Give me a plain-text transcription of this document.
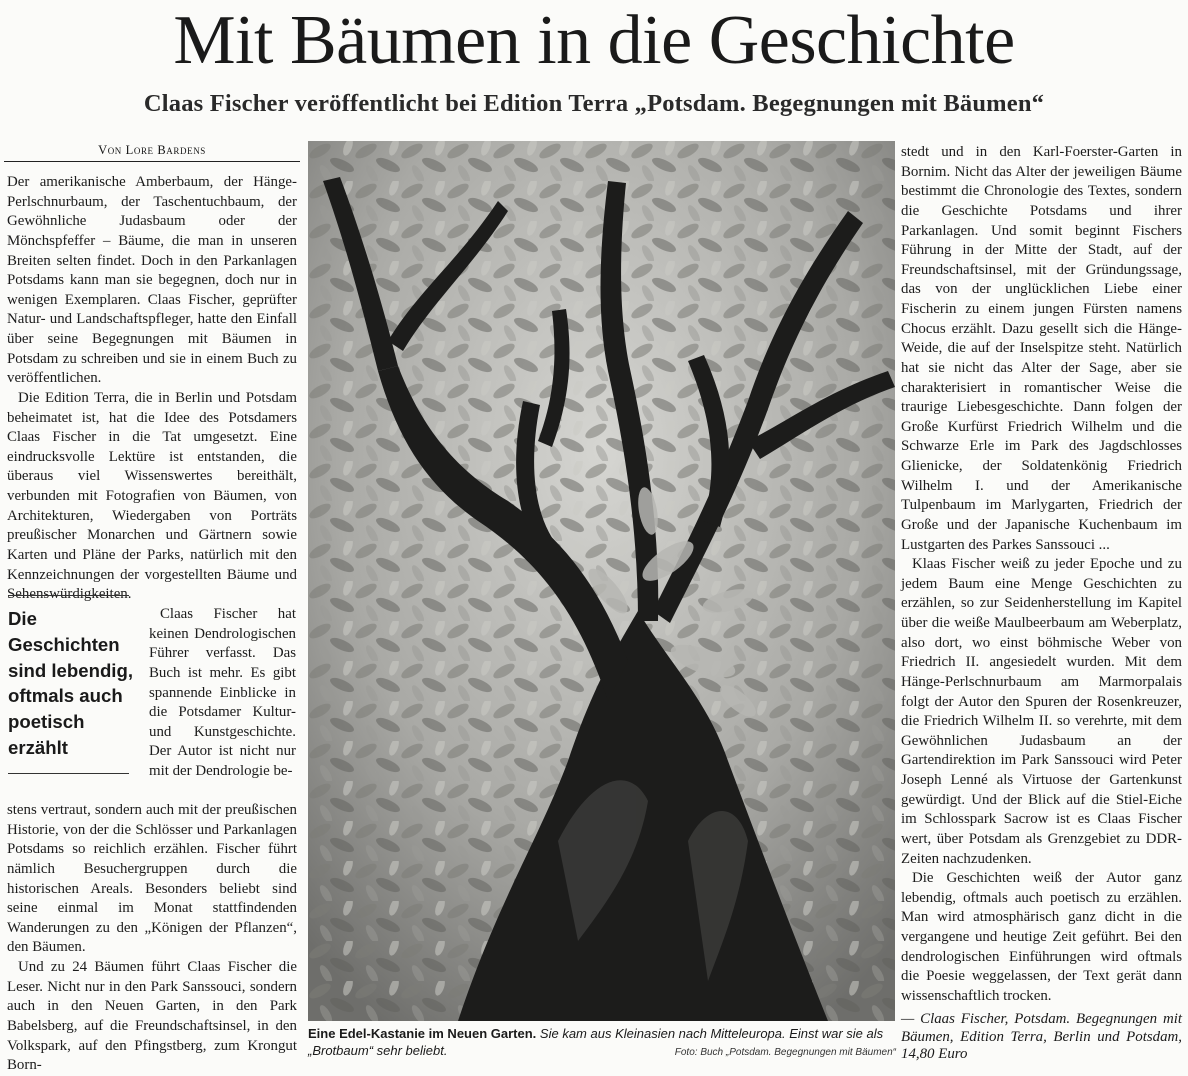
Mit Bäumen in die Geschichte
Claas Fischer veröffentlicht bei Edition Terra „Potsdam. Begegnungen mit Bäumen“
Von Lore Bardens

Der amerikanische Amberbaum, der Hänge-Perlschnurbaum, der Taschentuchbaum, der Gewöhnliche Judasbaum oder der Mönchspfeffer – Bäume, die man in unseren Breiten selten findet. Doch in den Parkanlagen Potsdams kann man sie begegnen, doch nur in wenigen Exemplaren. Claas Fischer, geprüfter Natur- und Landschaftspfleger, hatte den Einfall über seine Begegnungen mit Bäumen in Potsdam zu schreiben und sie in einem Buch zu veröffentlichen.

Die Edition Terra, die in Berlin und Potsdam beheimatet ist, hat die Idee des Potsdamers Claas Fischer in die Tat umgesetzt. Eine eindrucksvolle Lektüre ist entstanden, die überaus viel Wissenswertes bereithält, verbunden mit Fotografien von Bäumen, von Architekturen, Wiedergaben von Porträts preußischer Monarchen und Gärtnern sowie Karten und Pläne der Parks, natürlich mit den Kennzeichnungen der vorgestellten Bäume und Sehenswürdigkeiten.

Die Geschichten sind lebendig, oftmals auch poetisch erzählt

Claas Fischer hat keinen Dendrologischen Führer verfasst. Das Buch ist mehr. Es gibt spannende Einblicke in die Potsdamer Kultur- und Kunstgeschichte. Der Autor ist nicht nur mit der Dendrologie be-

stens vertraut, sondern auch mit der preußischen Historie, von der die Schlösser und Parkanlagen Potsdams so reichlich erzählen. Fischer führt nämlich Besuchergruppen durch die historischen Areals. Besonders beliebt sind seine einmal im Monat stattfindenden Wanderungen zu den „Königen der Pflanzen“, den Bäumen.

Und zu 24 Bäumen führt Claas Fischer die Leser. Nicht nur in den Park Sanssouci, sondern auch in den Neuen Garten, in den Park Babelsberg, auf die Freundschaftsinsel, in den Volkspark, auf den Pfingstberg, zum Krongut Born-

Eine Edel-Kastanie im Neuen Garten. Sie kam aus Kleinasien nach Mitteleuropa. Einst war sie als „Brotbaum“ sehr beliebt.	Foto: Buch „Potsdam. Begegnungen mit Bäumen“

stedt und in den Karl-Foerster-Garten in Bornim. Nicht das Alter der jeweiligen Bäume bestimmt die Chronologie des Textes, sondern die Geschichte Potsdams und ihrer Parkanlagen. Und somit beginnt Fischers Führung in der Mitte der Stadt, auf der Freundschaftsinsel, mit der Gründungssage, das von der unglücklichen Liebe einer Fischerin zu einem jungen Fürsten namens Chocus erzählt. Dazu gesellt sich die Hänge-Weide, die auf der Inselspitze steht. Natürlich hat sie nicht das Alter der Sage, aber sie charakterisiert in romantischer Weise die traurige Liebesgeschichte. Dann folgen der Große Kurfürst Friedrich Wilhelm und die Schwarze Erle im Park des Jagdschlosses Glienicke, der Soldatenkönig Friedrich Wilhelm I. und der Amerikanische Tulpenbaum im Marlygarten, Friedrich der Große und der Japanische Kuchenbaum im Lustgarten des Parkes Sanssouci ...

Klaas Fischer weiß zu jeder Epoche und zu jedem Baum eine Menge Geschichten zu erzählen, so zur Seidenherstellung im Kapitel über die weiße Maulbeerbaum am Weberplatz, also dort, wo einst böhmische Weber von Friedrich II. angesiedelt wurden. Mit dem Hänge-Perlschnurbaum am Marmorpalais folgt der Autor den Spuren der Rosenkreuzer, die Friedrich Wilhelm II. so verehrte, mit dem Gewöhnlichen Judasbaum an der Gartendirektion im Park Sanssouci wird Peter Joseph Lenné als Virtuose der Gartenkunst gewürdigt. Und der Blick auf die Stiel-Eiche im Schlosspark Sacrow ist es Claas Fischer wert, über Potsdam als Grenzgebiet zu DDR-Zeiten nachzudenken.

Die Geschichten weiß der Autor ganz lebendig, oftmals auch poetisch zu erzählen. Man wird atmosphärisch ganz dicht in die vergangene und heutige Zeit geführt. Bei den dendrologischen Einführungen wird oftmals die Poesie weggelassen, der Text gerät dann wissenschaftlich trocken.

— Claas Fischer, Potsdam. Begegnungen mit Bäumen, Edition Terra, Berlin und Potsdam, 14,80 Euro
